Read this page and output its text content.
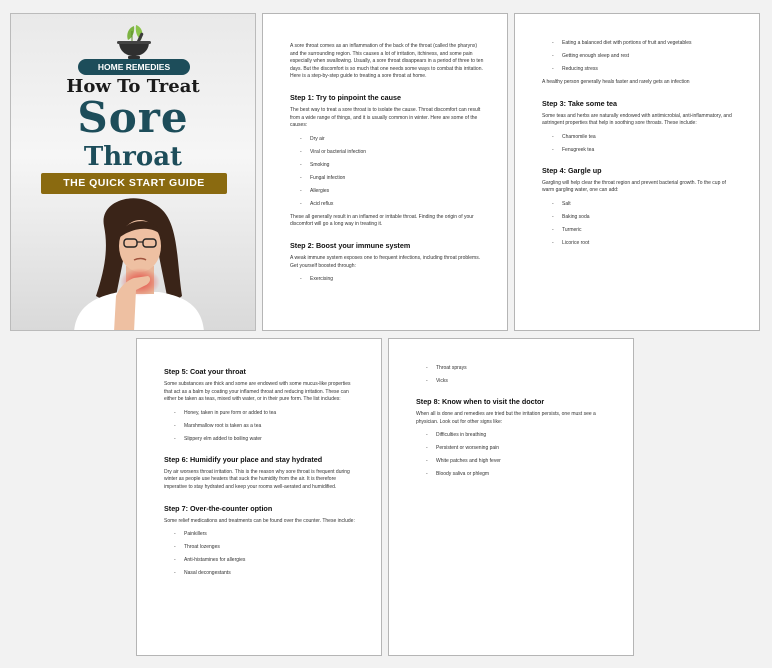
HOME REMEDIES
How To Treat
Sore
Throat
THE QUICK START GUIDE

A sore throat comes as an inflammation of the back of the throat (called the pharynx) and the surrounding region. This causes a lot of irritation, itchiness, and some pain especially when swallowing. Usually, a sore throat disappears in a period of three to ten days. But the discomfort is so much that one needs some ways to combat this irritation. Here is a step-by-step guide to treating a sore throat at home.

Step 1: Try to pinpoint the cause

The best way to treat a sore throat is to isolate the cause. Throat discomfort can result from a wide range of things, and it is usually common in winter. Here are some of the causes:

- Dry air
- Viral or bacterial infection
- Smoking
- Fungal infection
- Allergies
- Acid reflux

These all generally result in an inflamed or irritable throat. Finding the origin of your discomfort will go a long way in treating it.

Step 2: Boost your immune system

A weak immune system exposes one to frequent infections, including throat problems. Get yourself boosted through:

- Exercising
- Eating a balanced diet with portions of fruit and vegetables
- Getting enough sleep and rest
- Reducing stress

A healthy person generally heals faster and rarely gets an infection

Step 3: Take some tea

Some teas and herbs are naturally endowed with antimicrobial, anti-inflammatory, and astringent properties that help in soothing sore throats. These include:

- Chamomile tea
- Fenugreek tea
Step 4: Gargle up

Gargling will help clear the throat region and prevent bacterial growth. To the cup of warm gargling water, one can add:

- Salt
- Baking soda
- Turmeric
- Licorice root
Step 5: Coat your throat

Some substances are thick and some are endowed with some mucus-like properties that act as a balm by coating your inflamed throat and reducing irritation. These can either be taken as teas, mixed with water, or in their pure form. The list includes:

- Honey, taken in pure form or added to tea
- Marshmallow root is taken as a tea
- Slippery elm added to boiling water
Step 6: Humidify your place and stay hydrated

Dry air worsens throat irritation. This is the reason why sore throat is frequent during winter as people use heaters that suck the humidity from the air. It is therefore imperative to stay hydrated and keep your rooms well-aerated and humidified.

Step 7: Over-the-counter option

Some relief medications and treatments can be found over the counter. These include:

- Painkillers
- Throat lozenges
- Anti-histamines for allergies
- Nasal decongestants
- Throat sprays
- Vicks
Step 8: Know when to visit the doctor

When all is done and remedies are tried but the irritation persists, one must see a physician. Look out for other signs like:

- Difficulties in breathing
- Persistent or worsening pain
- White patches and high fever
- Bloody saliva or phlegm
